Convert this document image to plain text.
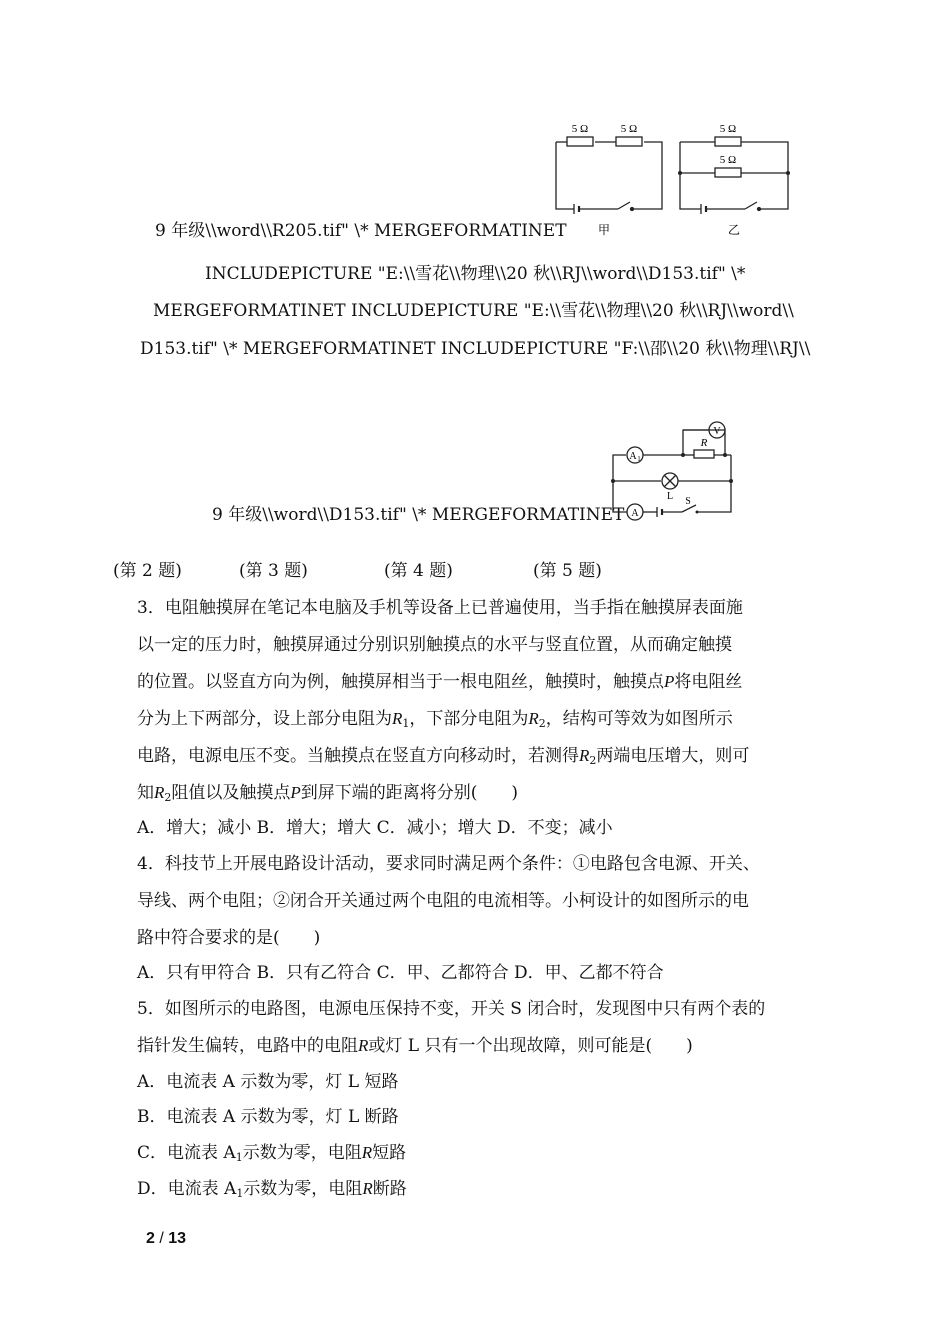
9 年级\\word\\R205.tif" \* MERGEFORMATINET
INCLUDEPICTURE "E:\\雪花\\物理\\20 秋\\RJ\\word\\D153.tif" \*
MERGEFORMATINET INCLUDEPICTURE "E:\\雪花\\物理\\20 秋\\RJ\\word\\
D153.tif" \* MERGEFORMATINET INCLUDEPICTURE "F:\\邵\\20 秋\\物理\\RJ\\
9 年级\\word\\D153.tif" \* MERGEFORMATINET
5 Ω	5 Ω	5 Ω
5 Ω
甲	乙
V
R
A 1
L S
A
(第 2 题)	(第 3 题)	(第 4 题)	(第 5 题)
3．电阻触摸屏在笔记本电脑及手机等设备上已普遍使用，当手指在触摸屏表面施
以一定的压力时，触摸屏通过分别识别触摸点的水平与竖直位置，从而确定触摸
的位置。以竖直方向为例，触摸屏相当于一根电阻丝，触摸时，触摸点P将电阻丝
分为上下两部分，设上部分电阻为$R_1$，下部分电阻为$R_2$，结构可等效为如图所示
电路，电源电压不变。当触摸点在竖直方向移动时，若测得$R_2$两端电压增大，则可
知$R_2$阻值以及触摸点P到屏下端的距离将分别(　　)
A．增大；减小 B．增大；增大 C．减小；增大 D．不变；减小
4．科技节上开展电路设计活动，要求同时满足两个条件：①电路包含电源、开关、
导线、两个电阻；②闭合开关通过两个电阻的电流相等。小柯设计的如图所示的电
路中符合要求的是(　　)
A．只有甲符合 B．只有乙符合 C．甲、乙都符合 D．甲、乙都不符合
5．如图所示的电路图，电源电压保持不变，开关 S 闭合时，发现图中只有两个表的
指针发生偏转，电路中的电阻R或灯 L 只有一个出现故障，则可能是(　　)
A．电流表 A 示数为零，灯 L 短路
B．电流表 A 示数为零，灯 L 断路
C．电流表 $A_1$示数为零，电阻R短路
D．电流表 $A_1$示数为零，电阻R断路
2 / 13
